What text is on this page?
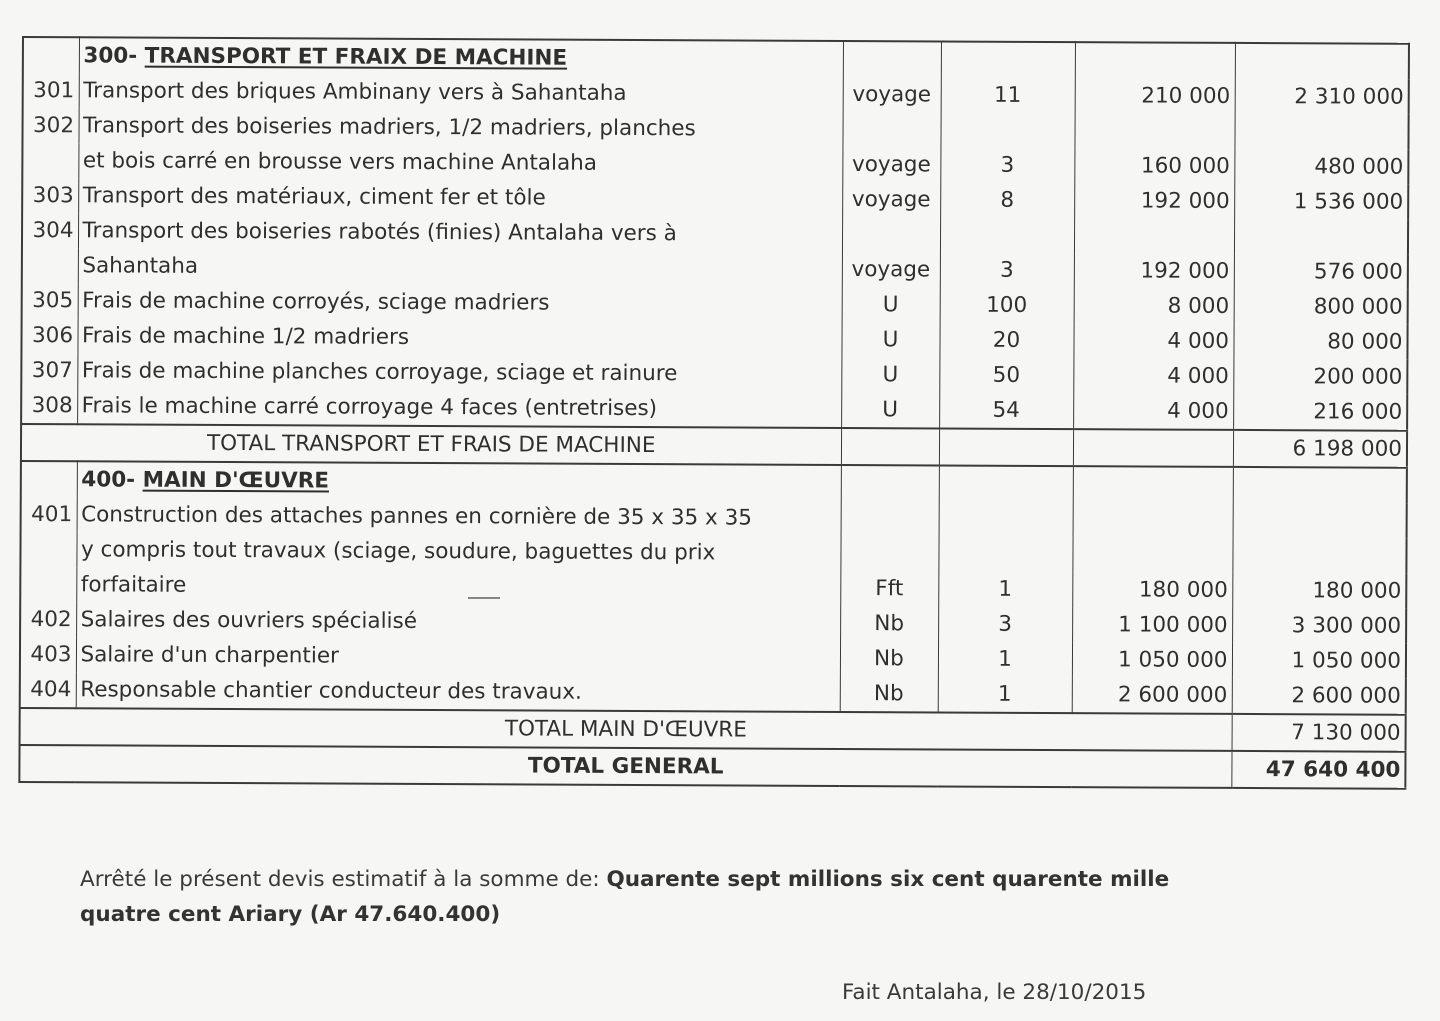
	300- TRANSPORT ET FRAIX DE MACHINE				
301	Transport des briques Ambinany vers à Sahantaha	voyage	11	210 000	2 310 000
302	Transport des boiseries madriers, 1/2 madriers, planches				
	et bois carré en brousse vers machine Antalaha	voyage	3	160 000	480 000
303	Transport des matériaux, ciment fer et tôle	voyage	8	192 000	1 536 000
304	Transport des boiseries rabotés (finies) Antalaha vers à				
	Sahantaha	voyage	3	192 000	576 000
305	Frais de machine corroyés, sciage madriers	U	100	8 000	800 000
306	Frais de machine 1/2 madriers	U	20	4 000	80 000
307	Frais de machine planches corroyage, sciage et rainure	U	50	4 000	200 000
308	Frais le machine carré corroyage 4 faces (entretrises)	U	54	4 000	216 000
TOTAL TRANSPORT ET FRAIS DE MACHINE					6 198 000
	400- MAIN D'ŒUVRE				
401	Construction des attaches pannes en cornière de 35 x 35 x 35				
	y compris tout travaux (sciage, soudure, baguettes du prix				
	forfaitaire	Fft	1	180 000	180 000
402	Salaires des ouvriers spécialisé	Nb	3	1 100 000	3 300 000
403	Salaire d'un charpentier	Nb	1	1 050 000	1 050 000
404	Responsable chantier conducteur des travaux.	Nb	1	2 600 000	2 600 000
TOTAL MAIN D'ŒUVRE					7 130 000
TOTAL GENERAL					47 640 400
Arrêté le présent devis estimatif à la somme de: Quarente sept millions six cent quarente mille quatre cent Ariary (Ar 47.640.400)
Fait Antalaha, le 28/10/2015
